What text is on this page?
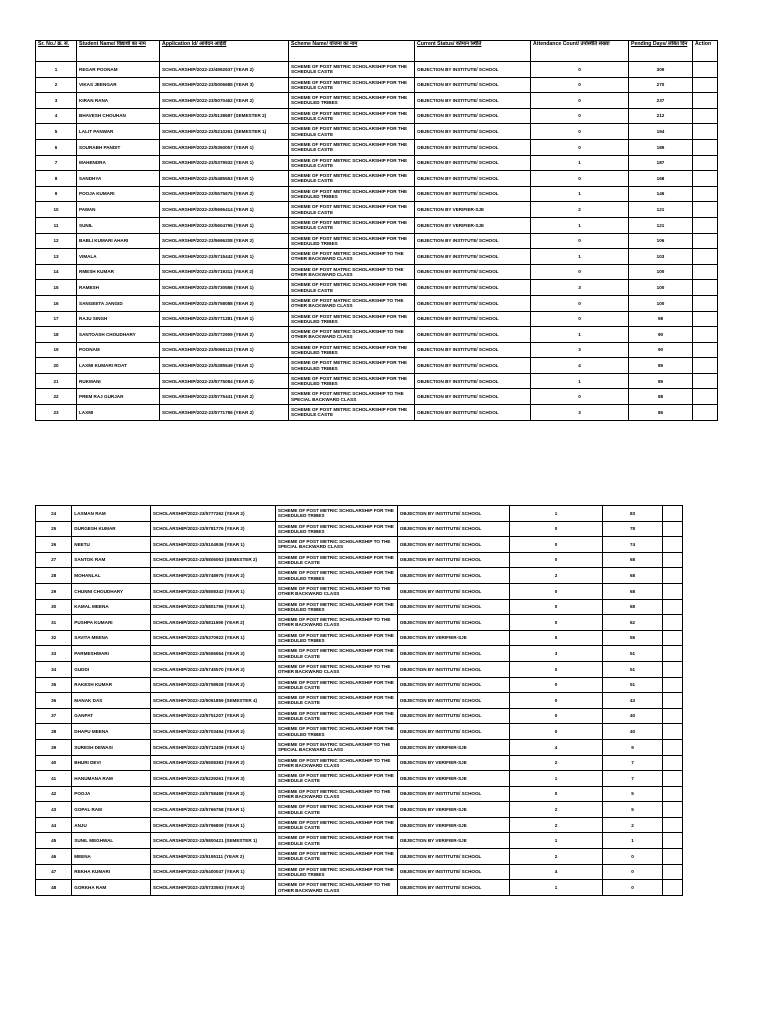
Sr. No./ क्र. सं.	Student Name/ विद्यार्थी का नाम	Application Id/ आवेदन आईडी	Scheme Name/ योजना का नाम	Current Status/ वर्तमान स्थिति	Attendance Count/ उपस्थिति संख्या	Pending Days/ लंबित दिन	Action
1	REGAR POONAM	SCHOLARSHIP/2022-23/4992637 (YEAR 2)	SCHEME OF POST METRIC SCHOLARSHIP FOR THE SCHEDULE CASTE	OBJECTION BY INSTITUTE/ SCHOOL	0	309	
2	VIKAS JEENGAR	SCHOLARSHIP/2022-23/5006685 (YEAR 3)	SCHEME OF POST METRIC SCHOLARSHIP FOR THE SCHEDULE CASTE	OBJECTION BY INSTITUTE/ SCHOOL	0	270	
3	KIRAN RANA	SCHOLARSHIP/2022-23/5070462 (YEAR 2)	SCHEME OF POST METRIC SCHOLARSHIP FOR THE SCHEDULED TRIBES	OBJECTION BY INSTITUTE/ SCHOOL	0	237	
4	BHAVESH CHOUHAN	SCHOLARSHIP/2022-23/5138687 (SEMESTER 2)	SCHEME OF POST METRIC SCHOLARSHIP FOR THE SCHEDULE CASTE	OBJECTION BY INSTITUTE/ SCHOOL	0	212	
5	LALIT PANWAR	SCHOLARSHIP/2022-23/5210261 (SEMESTER 1)	SCHEME OF POST METRIC SCHOLARSHIP FOR THE SCHEDULE CASTE	OBJECTION BY INSTITUTE/ SCHOOL	0	194	
6	SOURABH PANDIT	SCHOLARSHIP/2022-23/5350057 (YEAR 1)	SCHEME OF POST METRIC SCHOLARSHIP FOR THE SCHEDULE CASTE	OBJECTION BY INSTITUTE/ SCHOOL	0	189	
7	MAHENDRA	SCHOLARSHIP/2022-23/5379532 (YEAR 1)	SCHEME OF POST METRIC SCHOLARSHIP FOR THE SCHEDULE CASTE	OBJECTION BY INSTITUTE/ SCHOOL	1	187	
8	SANDHYA	SCHOLARSHIP/2022-23/5485553 (YEAR 1)	SCHEME OF POST METRIC SCHOLARSHIP FOR THE SCHEDULE CASTE	OBJECTION BY INSTITUTE/ SCHOOL	0	168	
9	POOJA KUMARI	SCHOLARSHIP/2022-23/5575675 (YEAR 2)	SCHEME OF POST METRIC SCHOLARSHIP FOR THE SCHEDULED TRIBES	OBJECTION BY INSTITUTE/ SCHOOL	1	146	
10	PAWAN	SCHOLARSHIP/2022-23/5596414 (YEAR 1)	SCHEME OF POST METRIC SCHOLARSHIP FOR THE SCHEDULE CASTE	OBJECTION BY VERIFIER-SJE	2	121	
11	SUNIL	SCHOLARSHIP/2022-23/5604795 (YEAR 1)	SCHEME OF POST METRIC SCHOLARSHIP FOR THE SCHEDULE CASTE	OBJECTION BY VERIFIER-SJE	1	121	
12	BABLI KUMARI AHARI	SCHOLARSHIP/2022-23/5696208 (YEAR 2)	SCHEME OF POST METRIC SCHOLARSHIP FOR THE SCHEDULED TRIBES	OBJECTION BY INSTITUTE/ SCHOOL	0	106	
13	VIMALA	SCHOLARSHIP/2022-23/5715442 (YEAR 1)	SCHEME OF POST METRIC SCHOLARSHIP TO THE OTHER BACKWARD CLASS	OBJECTION BY INSTITUTE/ SCHOOL	1	103	
14	RMESH KUMAR	SCHOLARSHIP/2022-23/5719311 (YEAR 2)	SCHEME OF POST MATRIC SCHOLARSHIP TO THE OTHER BACKWARD CLASS	OBJECTION BY INSTITUTE/ SCHOOL	0	100	
15	RAMESH	SCHOLARSHIP/2022-23/5730586 (YEAR 1)	SCHEME OF POST METRIC SCHOLARSHIP FOR THE SCHEDULE CASTE	OBJECTION BY INSTITUTE/ SCHOOL	3	100	
16	SANGEETA JANGID	SCHOLARSHIP/2022-23/5758088 (YEAR 2)	SCHEME OF POST MATRIC SCHOLARSHIP TO THE OTHER BACKWARD CLASS	OBJECTION BY INSTITUTE/ SCHOOL	0	100	
17	RAJU SINGH	SCHOLARSHIP/2022-23/5771281 (YEAR 1)	SCHEME OF POST METRIC SCHOLARSHIP FOR THE SCHEDULED TRIBES	OBJECTION BY INSTITUTE/ SCHOOL	0	98	
18	SANTOASH CHOUDHARY	SCHOLARSHIP/2022-23/5772909 (YEAR 2)	SCHEME OF POST METRIC SCHOLARSHIP TO THE OTHER BACKWARD CLASS	OBJECTION BY INSTITUTE/ SCHOOL	1	90	
19	POONAM	SCHOLARSHIP/2022-23/5066123 (YEAR 1)	SCHEME OF POST METRIC SCHOLARSHIP FOR THE SCHEDULED TRIBES	OBJECTION BY INSTITUTE/ SCHOOL	3	90	
20	LAXMI KUMARI ROAT	SCHOLARSHIP/2022-23/5285549 (YEAR 1)	SCHEME OF POST METRIC SCHOLARSHIP FOR THE SCHEDULED TRIBES	OBJECTION BY INSTITUTE/ SCHOOL	4	89	
21	RUKMANI	SCHOLARSHIP/2022-23/5775084 (YEAR 2)	SCHEME OF POST METRIC SCHOLARSHIP FOR THE SCHEDULED TRIBES	OBJECTION BY INSTITUTE/ SCHOOL	1	89	
22	PREM RAJ GURJAR	SCHOLARSHIP/2022-23/5775441 (YEAR 2)	SCHEME OF POST METRIC SCHOLARSHIP TO THE SPECIAL BACKWARD CLASS	OBJECTION BY INSTITUTE/ SCHOOL	0	88	
23	LAXMI	SCHOLARSHIP/2022-23/5771786 (YEAR 2)	SCHEME OF POST METRIC SCHOLARSHIP FOR THE SCHEDULE CASTE	OBJECTION BY INSTITUTE/ SCHOOL	3	86	
24	LAXMAN RAM	SCHOLARSHIP/2022-23/5777262 (YEAR 2)	SCHEME OF POST METRIC SCHOLARSHIP FOR THE SCHEDULED TRIBES	OBJECTION BY INSTITUTE/ SCHOOL	1	83	
25	DURGESH KUMAR	SCHOLARSHIP/2022-23/5781776 (YEAR 2)	SCHEME OF POST METRIC SCHOLARSHIP FOR THE SCHEDULED TRIBES	OBJECTION BY INSTITUTE/ SCHOOL	0	78	
26	NEETU	SCHOLARSHIP/2022-23/5104936 (YEAR 1)	SCHEME OF POST METRIC SCHOLARSHIP TO THE SPECIAL BACKWARD CLASS	OBJECTION BY INSTITUTE/ SCHOOL	0	74	
27	SANTOK RAM	SCHOLARSHIP/2022-23/5806063 (SEMESTER 2)	SCHEME OF POST METRIC SCHOLARSHIP FOR THE SCHEDULE CASTE	OBJECTION BY INSTITUTE/ SCHOOL	0	68	
28	MOHANLAL	SCHOLARSHIP/2022-23/5748975 (YEAR 2)	SCHEME OF POST METRIC SCHOLARSHIP FOR THE SCHEDULED TRIBES	OBJECTION BY INSTITUTE/ SCHOOL	2	68	
29	CHUNNI CHOUDHARY	SCHOLARSHIP/2022-23/5808342 (YEAR 1)	SCHEME OF POST METRIC SCHOLARSHIP TO THE OTHER BACKWARD CLASS	OBJECTION BY INSTITUTE/ SCHOOL	0	68	
30	KAMAL MEENA	SCHOLARSHIP/2022-23/5801796 (YEAR 1)	SCHEME OF POST METRIC SCHOLARSHIP FOR THE SCHEDULED TRIBES	OBJECTION BY INSTITUTE/ SCHOOL	0	68	
31	PUSHPA KUMARI	SCHOLARSHIP/2022-23/5811590 (YEAR 2)	SCHEME OF POST METRIC SCHOLARSHIP TO THE OTHER BACKWARD CLASS	OBJECTION BY INSTITUTE/ SCHOOL	0	62	
32	SAVITA MEENA	SCHOLARSHIP/2022-23/5370922 (YEAR 1)	SCHEME OF POST METRIC SCHOLARSHIP FOR THE SCHEDULED TRIBES	OBJECTION BY VERIFIER-SJE	5	55	
33	PARMESHWARI	SCHOLARSHIP/2022-23/5555564 (YEAR 2)	SCHEME OF POST METRIC SCHOLARSHIP FOR THE SCHEDULE CASTE	OBJECTION BY INSTITUTE/ SCHOOL	3	51	
34	GUDDI	SCHOLARSHIP/2022-23/5745570 (YEAR 2)	SCHEME OF POST METRIC SCHOLARSHIP TO THE OTHER BACKWARD CLASS	OBJECTION BY INSTITUTE/ SCHOOL	0	51	
35	RAKESH KUMAR	SCHOLARSHIP/2022-23/5758928 (YEAR 2)	SCHEME OF POST METRIC SCHOLARSHIP FOR THE SCHEDULE CASTE	OBJECTION BY INSTITUTE/ SCHOOL	0	51	
36	MANAK DAS	SCHOLARSHIP/2022-23/5061859 (SEMESTER 4)	SCHEME OF POST METRIC SCHOLARSHIP FOR THE SCHEDULE CASTE	OBJECTION BY INSTITUTE/ SCHOOL	0	43	
37	GANPAT	SCHOLARSHIP/2022-23/5751207 (YEAR 2)	SCHEME OF POST METRIC SCHOLARSHIP FOR THE SCHEDULE CASTE	OBJECTION BY INSTITUTE/ SCHOOL	0	40	
38	DHAPU MEENA	SCHOLARSHIP/2022-23/5703494 (YEAR 2)	SCHEME OF POST METRIC SCHOLARSHIP FOR THE SCHEDULED TRIBES	OBJECTION BY INSTITUTE/ SCHOOL	0	40	
39	SURESH DEWASI	SCHOLARSHIP/2022-23/5712409 (YEAR 1)	SCHEME OF POST MATRIC SCHOLARSHIP TO THE SPECIAL BACKWARD CLASS	OBJECTION BY VERIFIER-SJE	4	9	
40	BHURI DEVI	SCHOLARSHIP/2022-23/5508383 (YEAR 2)	SCHEME OF POST METRIC SCHOLARSHIP TO THE OTHER BACKWARD CLASS	OBJECTION BY VERIFIER-SJE	2	7	
41	HANUMANA RAM	SCHOLARSHIP/2022-23/5229261 (YEAR 3)	SCHEME OF POST METRIC SCHOLARSHIP FOR THE SCHEDULE CASTE	OBJECTION BY VERIFIER-SJE	1	7	
42	POOJA	SCHOLARSHIP/2022-23/5758489 (YEAR 2)	SCHEME OF POST METRIC SCHOLARSHIP TO THE OTHER BACKWARD CLASS	OBJECTION BY INSTITUTE/ SCHOOL	0	5	
43	GOPAL RAM	SCHOLARSHIP/2022-23/5766758 (YEAR 1)	SCHEME OF POST METRIC SCHOLARSHIP FOR THE SCHEDULE CASTE	OBJECTION BY VERIFIER-SJE	2	5	
44	ANJU	SCHOLARSHIP/2022-23/5796809 (YEAR 1)	SCHEME OF POST METRIC SCHOLARSHIP FOR THE SCHEDULE CASTE	OBJECTION BY VERIFIER-SJE	2	2	
45	SUNIL MEGHWAL	SCHOLARSHIP/2022-23/5800421 (SEMESTER 1)	SCHEME OF POST METRIC SCHOLARSHIP FOR THE SCHEDULE CASTE	OBJECTION BY VERIFIER-SJE	1	1	
46	MEENA	SCHOLARSHIP/2022-23/5195111 (YEAR 2)	SCHEME OF POST METRIC SCHOLARSHIP FOR THE SCHEDULE CASTE	OBJECTION BY INSTITUTE/ SCHOOL	2	0	
47	REKHA KUMARI	SCHOLARSHIP/2022-23/5400047 (YEAR 1)	SCHEME OF POST METRIC SCHOLARSHIP FOR THE SCHEDULED TRIBES	OBJECTION BY INSTITUTE/ SCHOOL	4	0	
48	GORKHA RAM	SCHOLARSHIP/2022-23/5733593 (YEAR 2)	SCHEME OF POST METRIC SCHOLARSHIP TO THE OTHER BACKWARD CLASS	OBJECTION BY INSTITUTE/ SCHOOL	1	0	
